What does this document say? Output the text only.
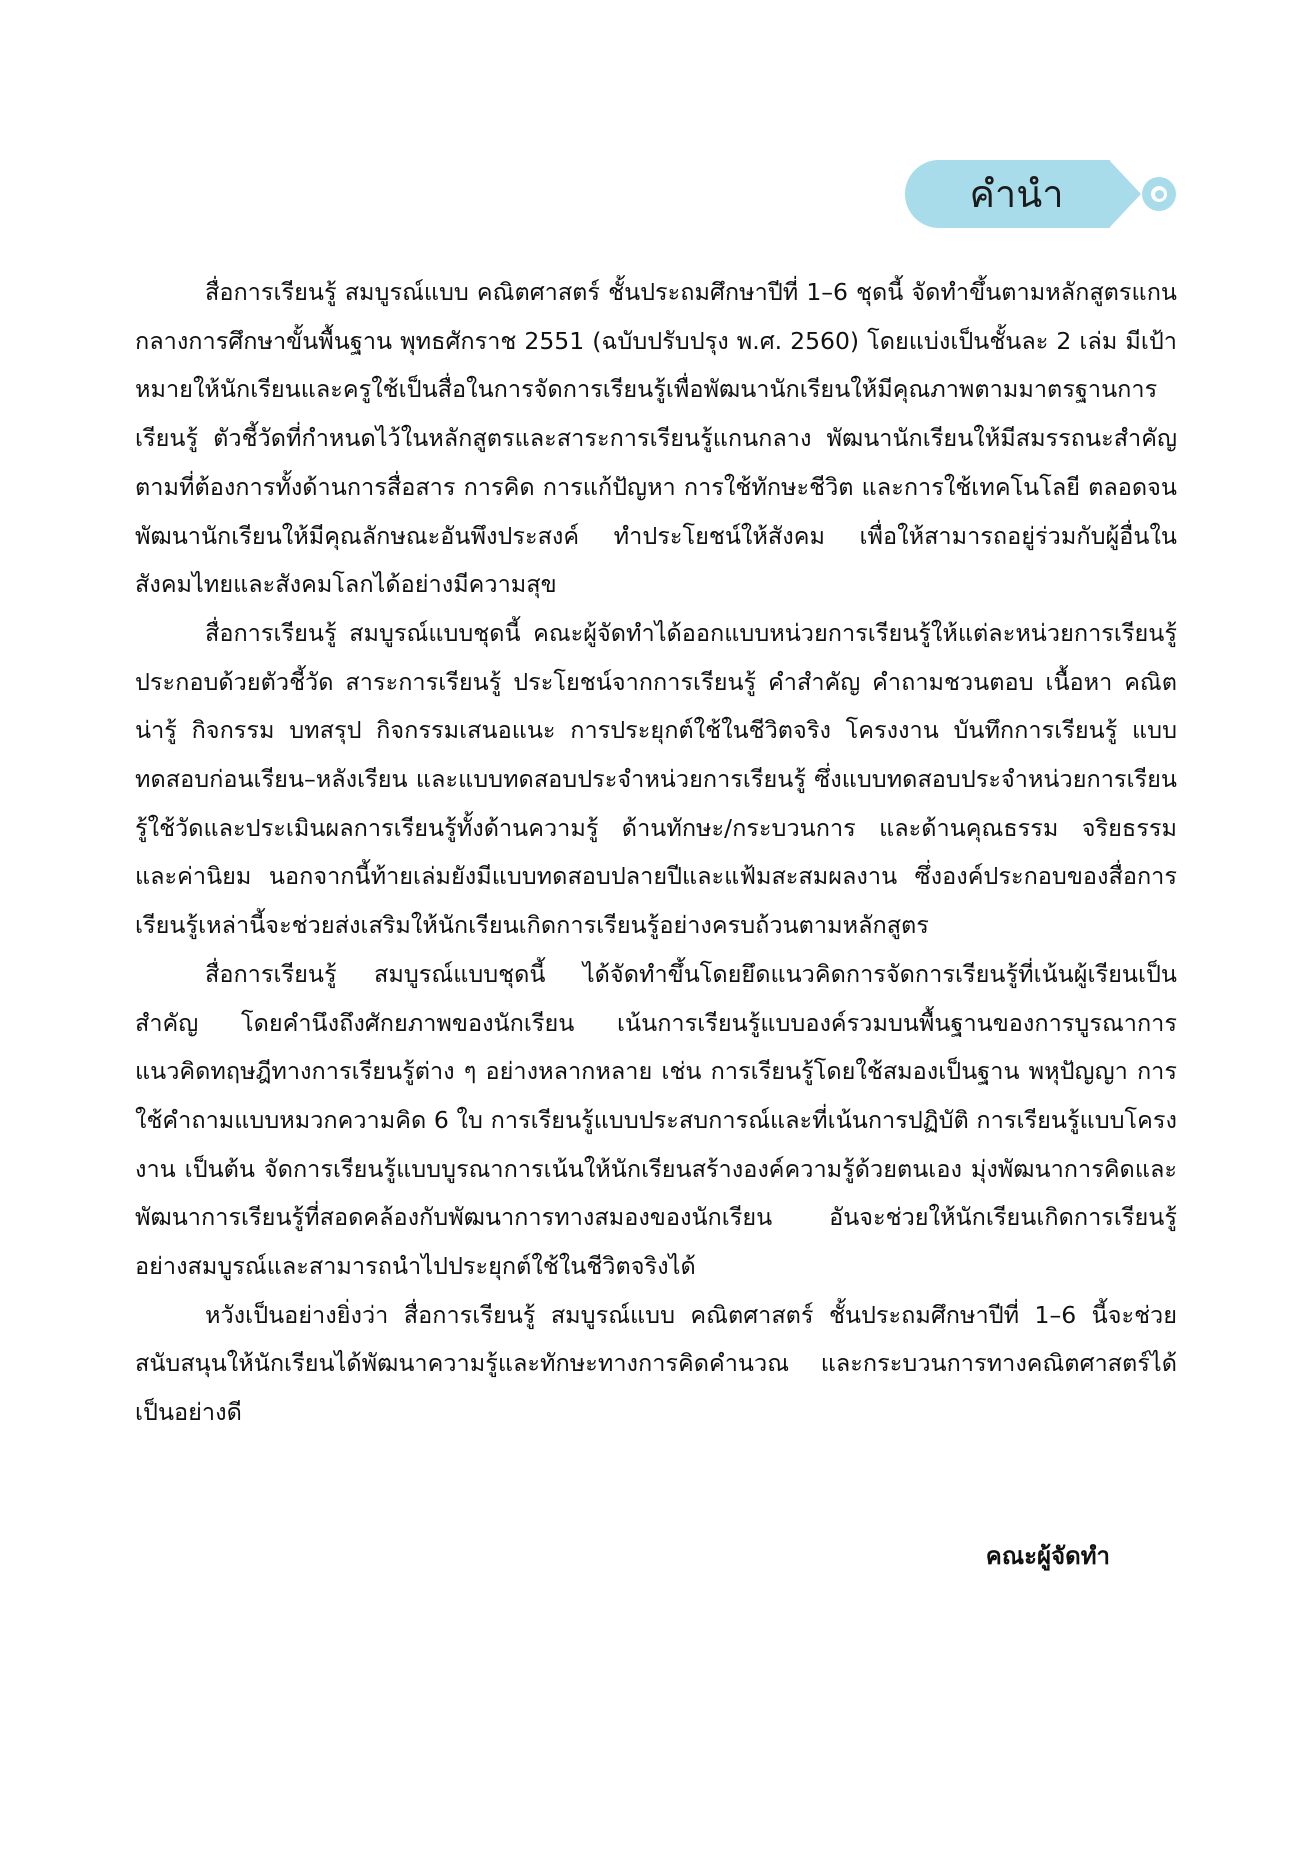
คำนำ

สื่อการเรียนรู้ สมบูรณ์แบบ คณิตศาสตร์ ชั้นประถมศึกษาปีที่ 1–6 ชุดนี้ จัดทำขึ้นตามหลักสูตรแกนกลางการศึกษาขั้นพื้นฐาน พุทธศักราช 2551 (ฉบับปรับปรุง พ.ศ. 2560) โดยแบ่งเป็นชั้นละ 2 เล่ม มีเป้าหมายให้นักเรียนและครูใช้เป็นสื่อในการจัดการเรียนรู้เพื่อพัฒนานักเรียนให้มีคุณภาพตามมาตรฐานการเรียนรู้ ตัวชี้วัดที่กำหนดไว้ในหลักสูตรและสาระการเรียนรู้แกนกลาง พัฒนานักเรียนให้มีสมรรถนะสำคัญตามที่ต้องการทั้งด้านการสื่อสาร การคิด การแก้ปัญหา การใช้ทักษะชีวิต และการใช้เทคโนโลยี ตลอดจนพัฒนานักเรียนให้มีคุณลักษณะอันพึงประสงค์ ทำประโยชน์ให้สังคม เพื่อให้สามารถอยู่ร่วมกับผู้อื่นในสังคมไทยและสังคมโลกได้อย่างมีความสุข

สื่อการเรียนรู้ สมบูรณ์แบบชุดนี้ คณะผู้จัดทำได้ออกแบบหน่วยการเรียนรู้ให้แต่ละหน่วยการเรียนรู้ประกอบด้วยตัวชี้วัด สาระการเรียนรู้ ประโยชน์จากการเรียนรู้ คำสำคัญ คำถามชวนตอบ เนื้อหา คณิตน่ารู้ กิจกรรม บทสรุป กิจกรรมเสนอแนะ การประยุกต์ใช้ในชีวิตจริง โครงงาน บันทึกการเรียนรู้ แบบทดสอบก่อนเรียน–หลังเรียน และแบบทดสอบประจำหน่วยการเรียนรู้ ซึ่งแบบทดสอบประจำหน่วยการเรียนรู้ใช้วัดและประเมินผลการเรียนรู้ทั้งด้านความรู้ ด้านทักษะ/กระบวนการ และด้านคุณธรรม จริยธรรม และค่านิยม นอกจากนี้ท้ายเล่มยังมีแบบทดสอบปลายปีและแฟ้มสะสมผลงาน ซึ่งองค์ประกอบของสื่อการเรียนรู้เหล่านี้จะช่วยส่งเสริมให้นักเรียนเกิดการเรียนรู้อย่างครบถ้วนตามหลักสูตร

สื่อการเรียนรู้ สมบูรณ์แบบชุดนี้ ได้จัดทำขึ้นโดยยึดแนวคิดการจัดการเรียนรู้ที่เน้นผู้เรียนเป็นสำคัญ โดยคำนึงถึงศักยภาพของนักเรียน เน้นการเรียนรู้แบบองค์รวมบนพื้นฐานของการบูรณาการแนวคิดทฤษฎีทางการเรียนรู้ต่าง ๆ อย่างหลากหลาย เช่น การเรียนรู้โดยใช้สมองเป็นฐาน พหุปัญญา การใช้คำถามแบบหมวกความคิด 6 ใบ การเรียนรู้แบบประสบการณ์และที่เน้นการปฏิบัติ การเรียนรู้แบบโครงงาน เป็นต้น จัดการเรียนรู้แบบบูรณาการเน้นให้นักเรียนสร้างองค์ความรู้ด้วยตนเอง มุ่งพัฒนาการคิดและพัฒนาการเรียนรู้ที่สอดคล้องกับพัฒนาการทางสมองของนักเรียน อันจะช่วยให้นักเรียนเกิดการเรียนรู้อย่างสมบูรณ์และสามารถนำไปประยุกต์ใช้ในชีวิตจริงได้

หวังเป็นอย่างยิ่งว่า สื่อการเรียนรู้ สมบูรณ์แบบ คณิตศาสตร์ ชั้นประถมศึกษาปีที่ 1–6 นี้จะช่วยสนับสนุนให้นักเรียนได้พัฒนาความรู้และทักษะทางการคิดคำนวณ และกระบวนการทางคณิตศาสตร์ได้เป็นอย่างดี

คณะผู้จัดทำ
